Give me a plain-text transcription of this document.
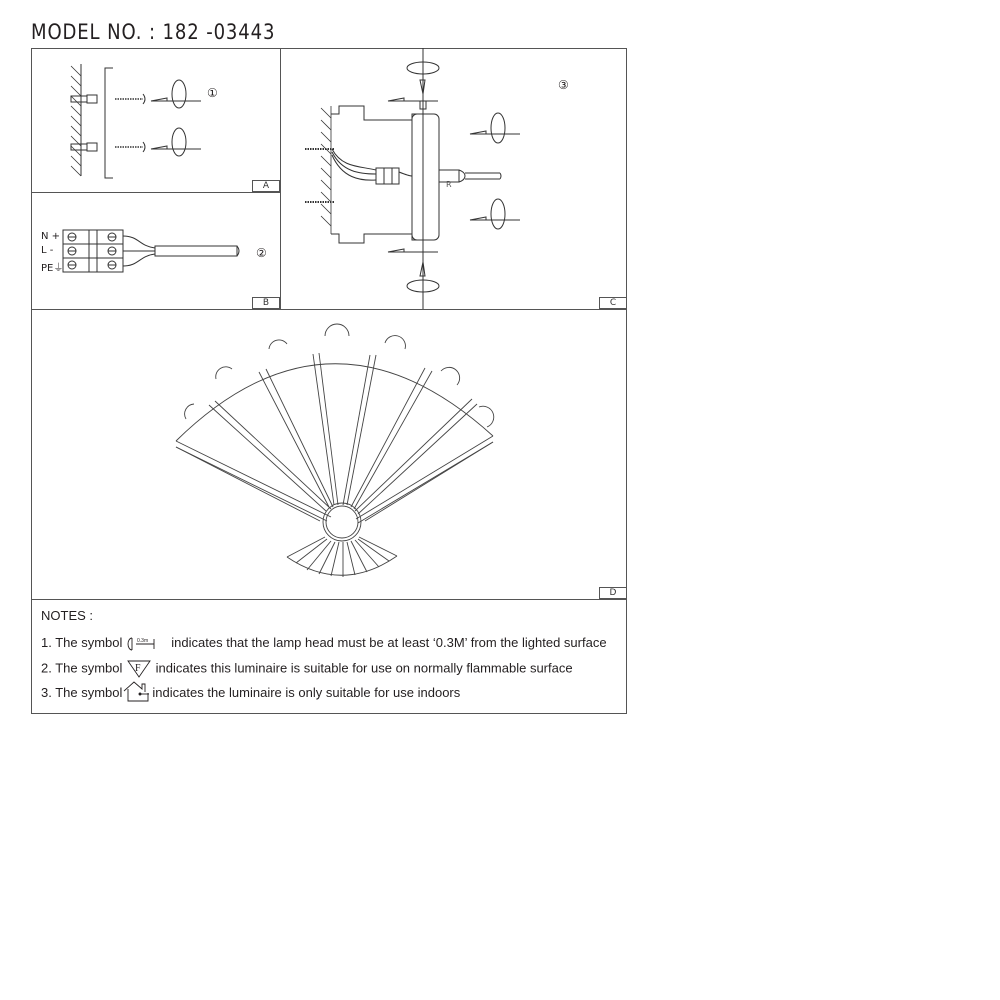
MODEL NO. : 182 -03443
A
B	C
D
①
N +
L -
PE⏚
②
R
③
NOTES :
1. The symbol	0.3m indicates that the lamp head must be at least ‘0.3M’ from the lighted surface
2. The symbol F indicates this luminaire is suitable for use on normally flammable surface
3. The symbol indicates the luminaire is only suitable for use indoors
